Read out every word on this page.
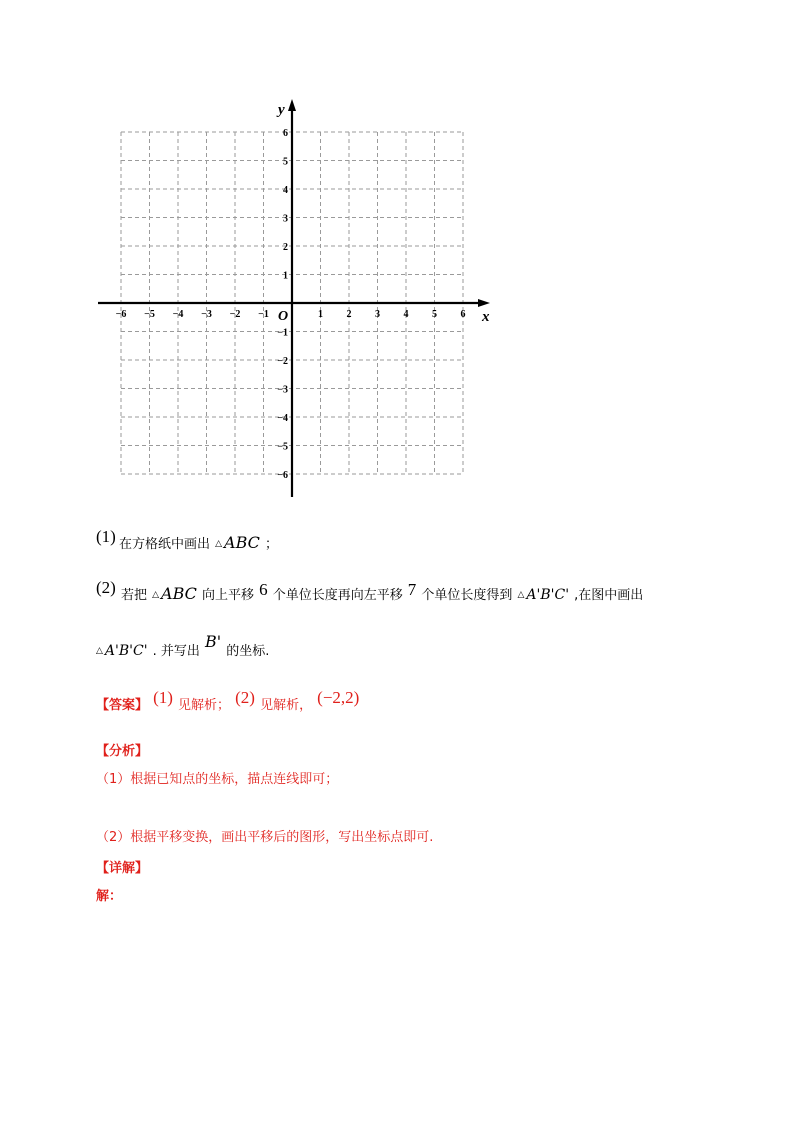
x
y
O
−6 −5 −4 −3 −2 −1	1 2 3 4 5 6
6
5
4
3
2
1
−1
−2
−3
−4
−5
−6
(1) 在方格纸中画出 △ ABC ；
(2) 若把 △ ABC 向上平移 6 个单位长度再向左平移 7 个单位长度得到 △ A'B'C' ,在图中画出
△ A'B'C' . 并写出 B' 的坐标.
$_{【答案】}$ (1) $_{见解析;}$ (2) $_{见解析,}$ (−2,2)
【分析】
（1）根据已知点的坐标，描点连线即可；
（2）根据平移变换，画出平移后的图形，写出坐标点即可.
【详解】
解：
